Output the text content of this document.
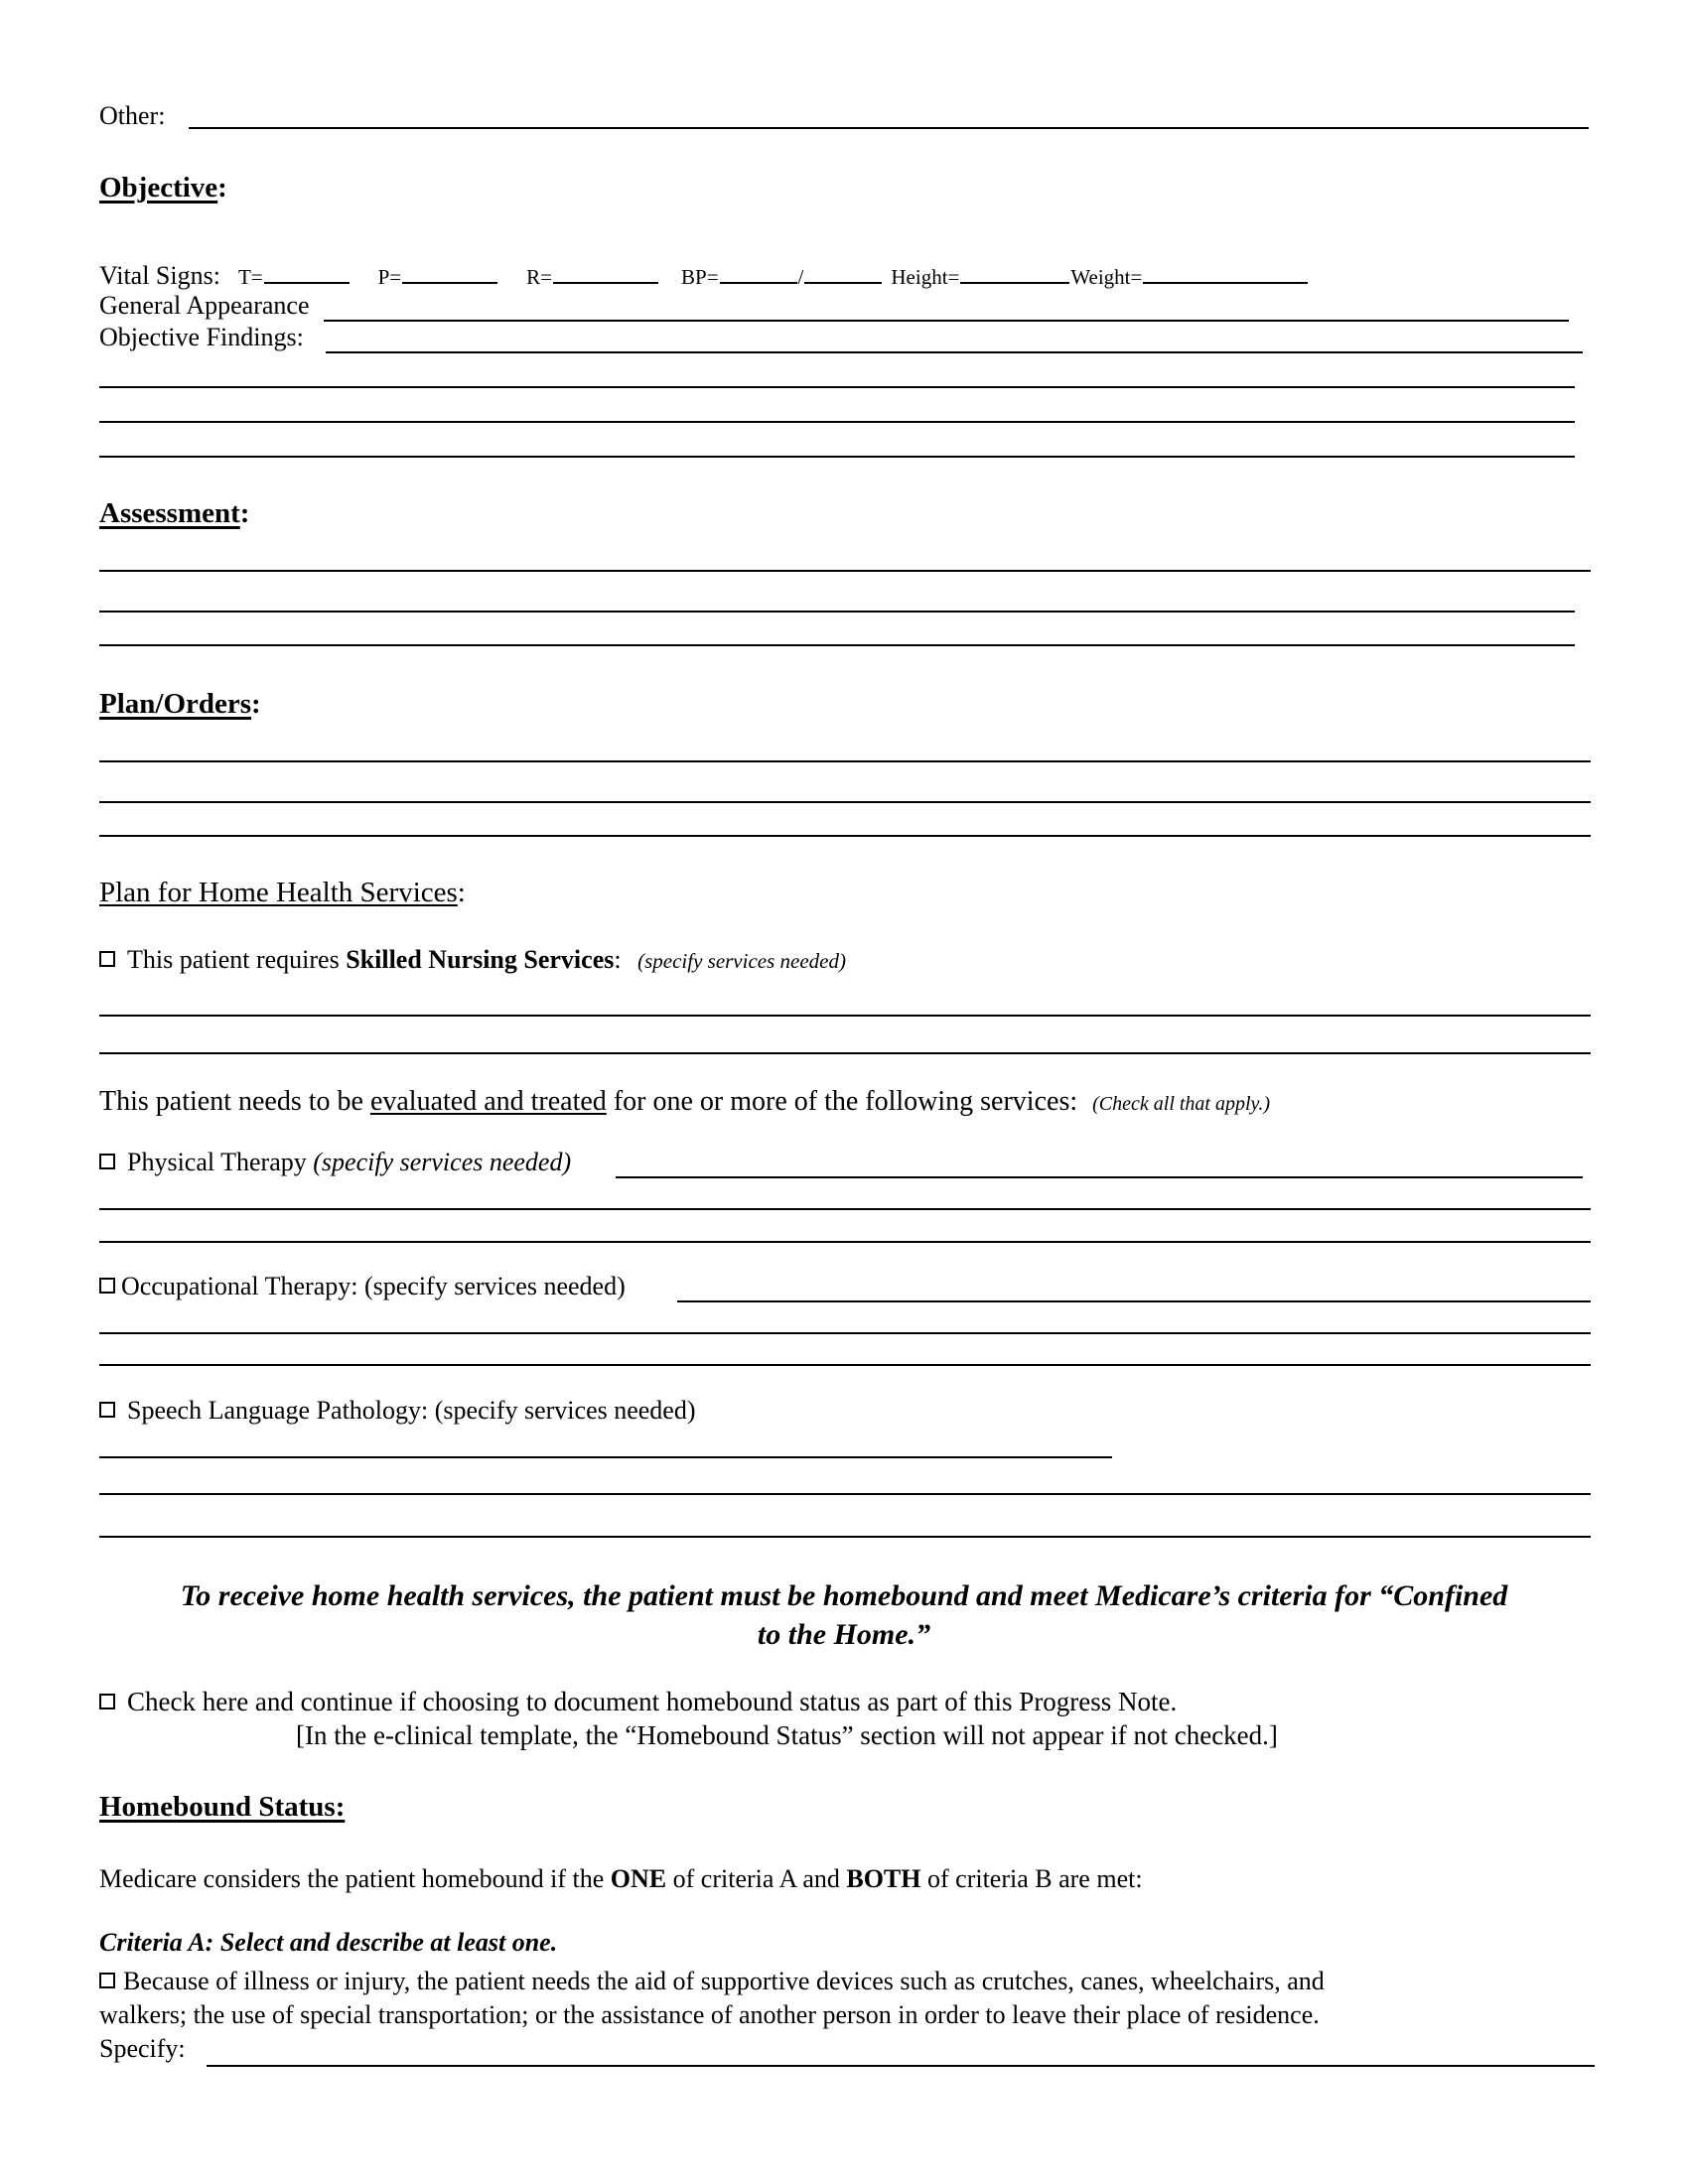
Other:
Objective:
Vital Signs: T=	P=	R=	BP=	/	Height=	Weight=
General Appearance
Objective Findings:
Assessment:
Plan/Orders:
Plan for Home Health Services:
This patient requires Skilled Nursing Services: (specify services needed)
This patient needs to be evaluated and treated for one or more of the following services: (Check all that apply.)
Physical Therapy (specify services needed)
Occupational Therapy: (specify services needed)
Speech Language Pathology: (specify services needed)
To receive home health services, the patient must be homebound and meet Medicare’s criteria for “Confined
to the Home.”
Check here and continue if choosing to document homebound status as part of this Progress Note.
[In the e-clinical template, the “Homebound Status” section will not appear if not checked.]
Homebound Status:
Medicare considers the patient homebound if the ONE of criteria A and BOTH of criteria B are met:
Criteria A: Select and describe at least one.
Because of illness or injury, the patient needs the aid of supportive devices such as crutches, canes, wheelchairs, and
walkers; the use of special transportation; or the assistance of another person in order to leave their place of residence.
Specify:
